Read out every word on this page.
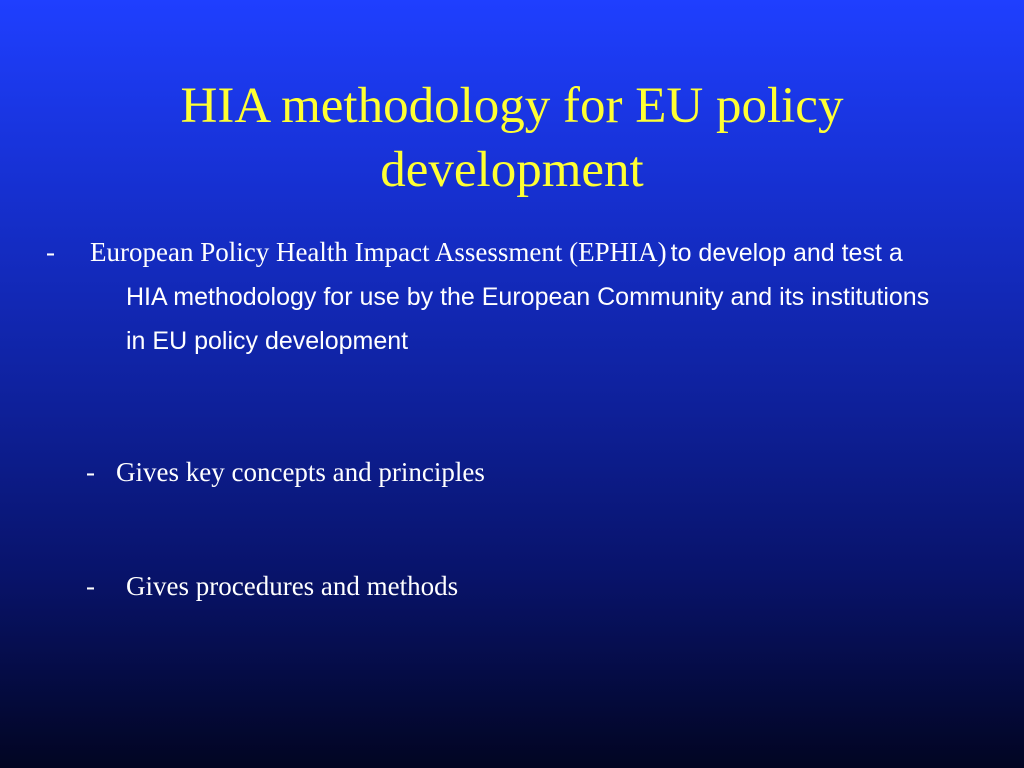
HIA methodology for EU policy development
- European Policy Health Impact Assessment (EPHIA) to develop and test a HIA methodology for use by the European Community and its institutions in EU policy development
- Gives key concepts and principles
- Gives procedures and methods
